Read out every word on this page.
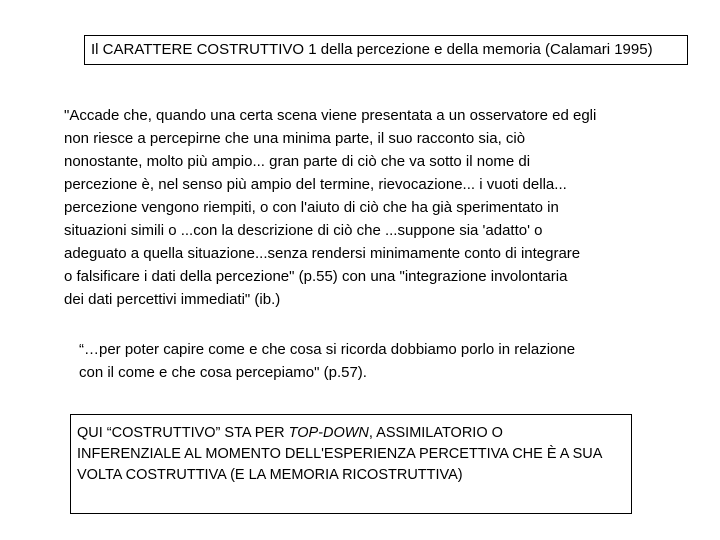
Il CARATTERE COSTRUTTIVO 1 della percezione e della memoria (Calamari 1995)
"Accade che, quando una certa scena viene presentata a un osservatore ed egli
non riesce a percepirne che una minima parte, il suo racconto sia, ciò
nonostante, molto più ampio... gran parte di ciò che va sotto il nome di
percezione è, nel senso più ampio del termine, rievocazione... i vuoti della...
percezione vengono riempiti, o con l'aiuto di ciò che ha già sperimentato in
situazioni simili o ...con la descrizione di ciò che ...suppone sia 'adatto' o
adeguato a quella situazione...senza rendersi minimamente conto di integrare
o falsificare i dati della percezione" (p.55) con una "integrazione involontaria
dei dati percettivi immediati" (ib.)
“…per poter capire come e che cosa si ricorda dobbiamo porlo in relazione
con il come e che cosa percepiamo" (p.57).
QUI “COSTRUTTIVO” STA PER TOP-DOWN, ASSIMILATORIO O
INFERENZIALE AL MOMENTO DELL'ESPERIENZA PERCETTIVA CHE È A SUA
VOLTA COSTRUTTIVA (E LA MEMORIA RICOSTRUTTIVA)
